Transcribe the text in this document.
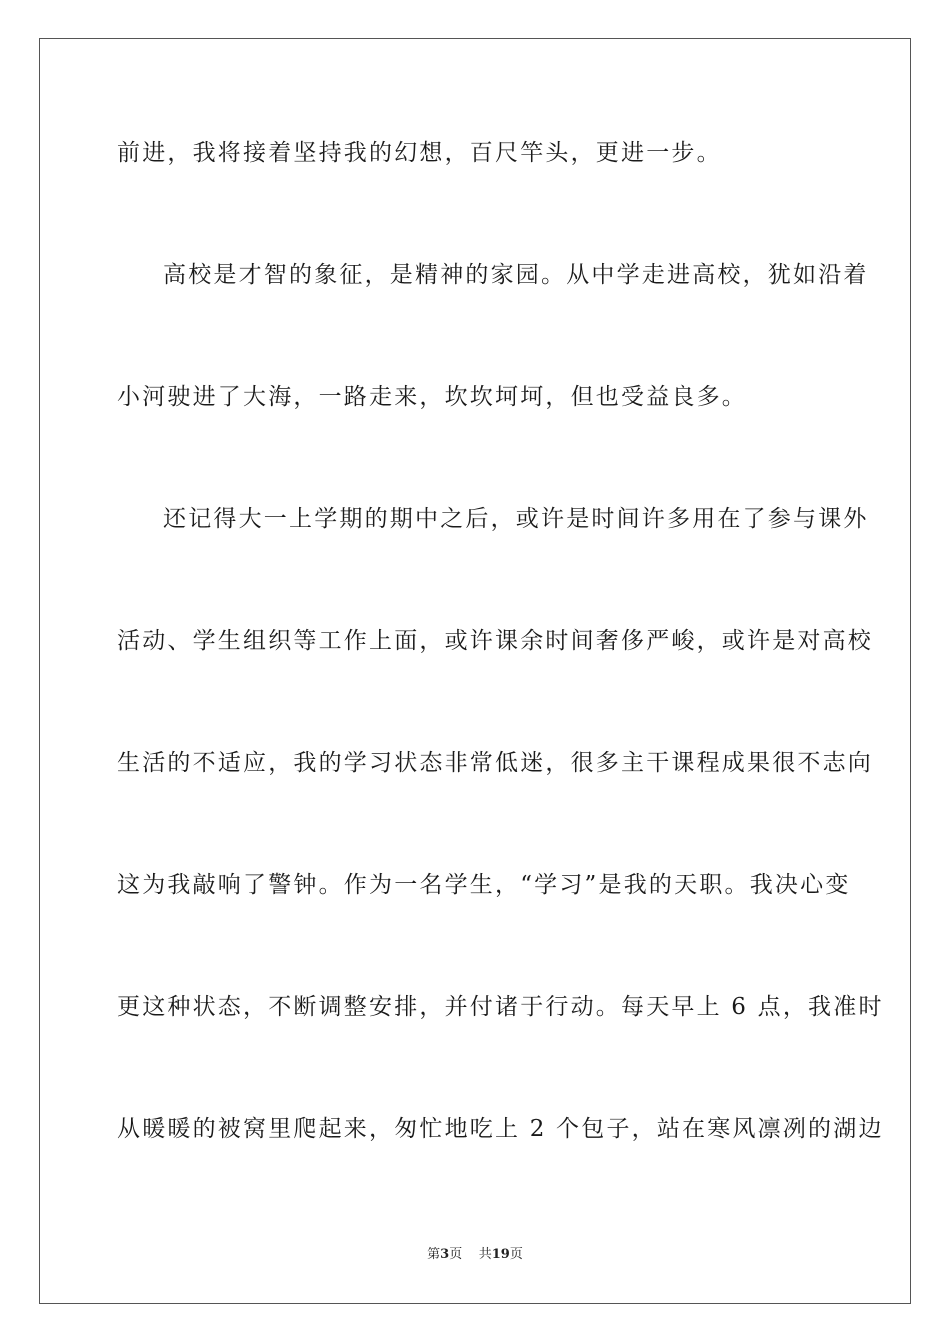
前进，我将接着坚持我的幻想，百尺竿头，更进一步。
高校是才智的象征，是精神的家园。从中学走进高校，犹如沿着
小河驶进了大海，一路走来，坎坎坷坷，但也受益良多。
还记得大一上学期的期中之后，或许是时间许多用在了参与课外
活动、学生组织等工作上面，或许课余时间奢侈严峻，或许是对高校
生活的不适应，我的学习状态非常低迷，很多主干课程成果很不志向
这为我敲响了警钟。作为一名学生，“学习”是我的天职。我决心变
更这种状态，不断调整安排，并付诸于行动。每天早上 6 点，我准时
从暖暖的被窝里爬起来，匆忙地吃上 2 个包子，站在寒风凛冽的湖边
第3页 共19页
